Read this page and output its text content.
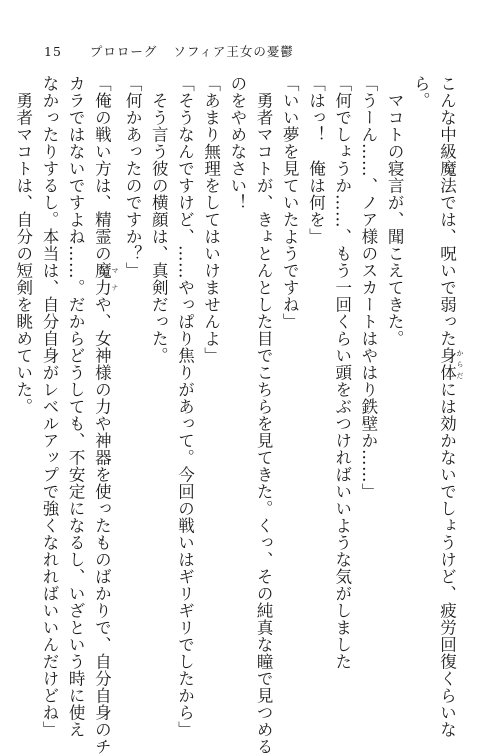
15 プロローグ ソフィア王女の憂鬱
こんな中級魔法では、呪いで弱った身体 からだには効かないでしょうけど、疲労回復くらいな
ら。
　マコトの寝言が、聞こえてきた。
「うーん……、ノア様のスカートはやはり鉄壁か……」
「何でしょうか……、もう一回くらい頭をぶつければいいような気がしました
「はっ！　俺は何を」
「いい夢を見ていたようですね」
　勇者マコトが、きょとんとした目でこちらを見てきた。くっ、その純真な瞳で見つめる
のをやめなさい！
「あまり無理をしてはいけませんよ」
「そうなんですけど、……やっぱり焦りがあって。今回の戦いはギリギリでしたから」
　そう言う彼の横顔は、真剣だった。
「何かあったのですか？」
「俺の戦い方は、精霊の魔力 マナや、女神様の力や神器を使ったものばかりで、自分自身のチ
カラではないですよね……。だからどうしても、不安定になるし、いざという時に使え
なかったりするし。本当は、自分自身がレベルアップで強くなれればいいんだけどね」
　勇者マコトは、自分の短剣を眺めていた。
